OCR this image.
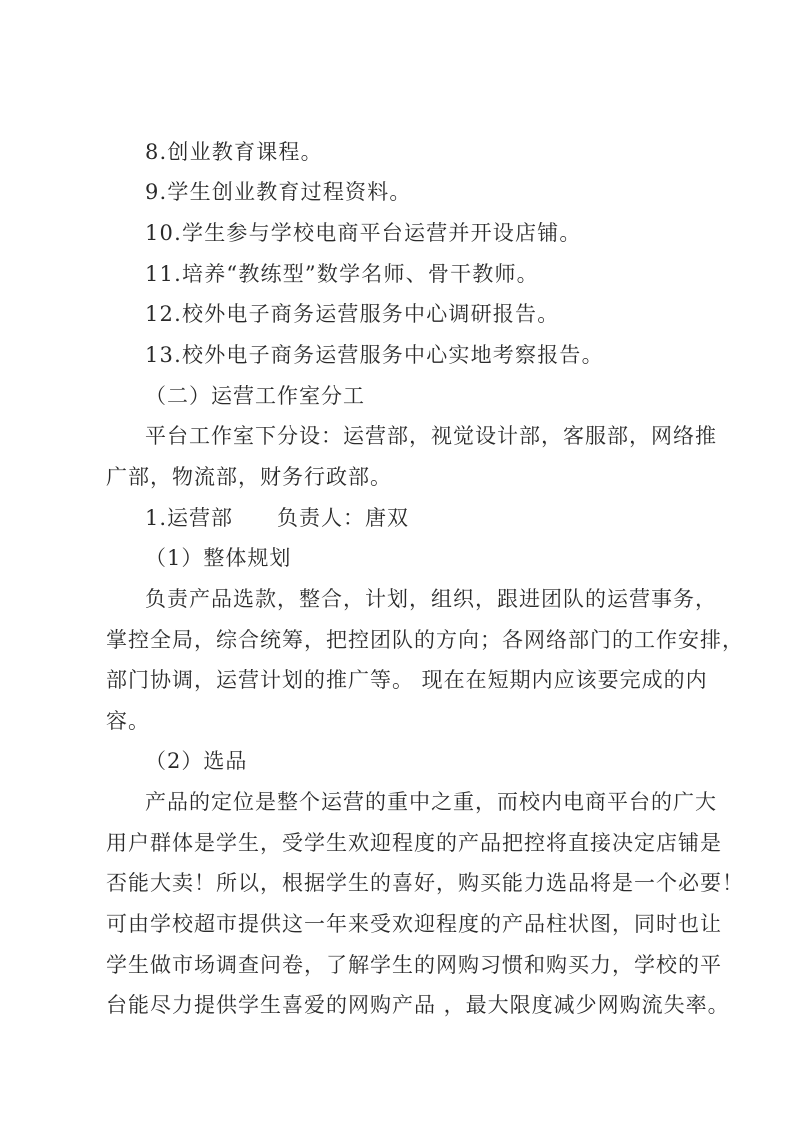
8.创业教育课程。
9.学生创业教育过程资料。
10.学生参与学校电商平台运营并开设店铺。
11.培养“教练型”数学名师、骨干教师。
12.校外电子商务运营服务中心调研报告。
13.校外电子商务运营服务中心实地考察报告。
（二）运营工作室分工
平台工作室下分设：运营部，视觉设计部，客服部，网络推
广部，物流部，财务行政部。
1.运营部　　负责人：唐双
（1）整体规划
负责产品选款，整合，计划，组织，跟进团队的运营事务，
掌控全局，综合统筹，把控团队的方向；各网络部门的工作安排，
部门协调，运营计划的推广等。 现在在短期内应该要完成的内
容。
（2）选品
产品的定位是整个运营的重中之重，而校内电商平台的广大
用户群体是学生，受学生欢迎程度的产品把控将直接决定店铺是
否能大卖！所以，根据学生的喜好，购买能力选品将是一个必要！
可由学校超市提供这一年来受欢迎程度的产品柱状图，同时也让
学生做市场调查问卷，了解学生的网购习惯和购买力，学校的平
台能尽力提供学生喜爱的网购产品 ，最大限度减少网购流失率。
